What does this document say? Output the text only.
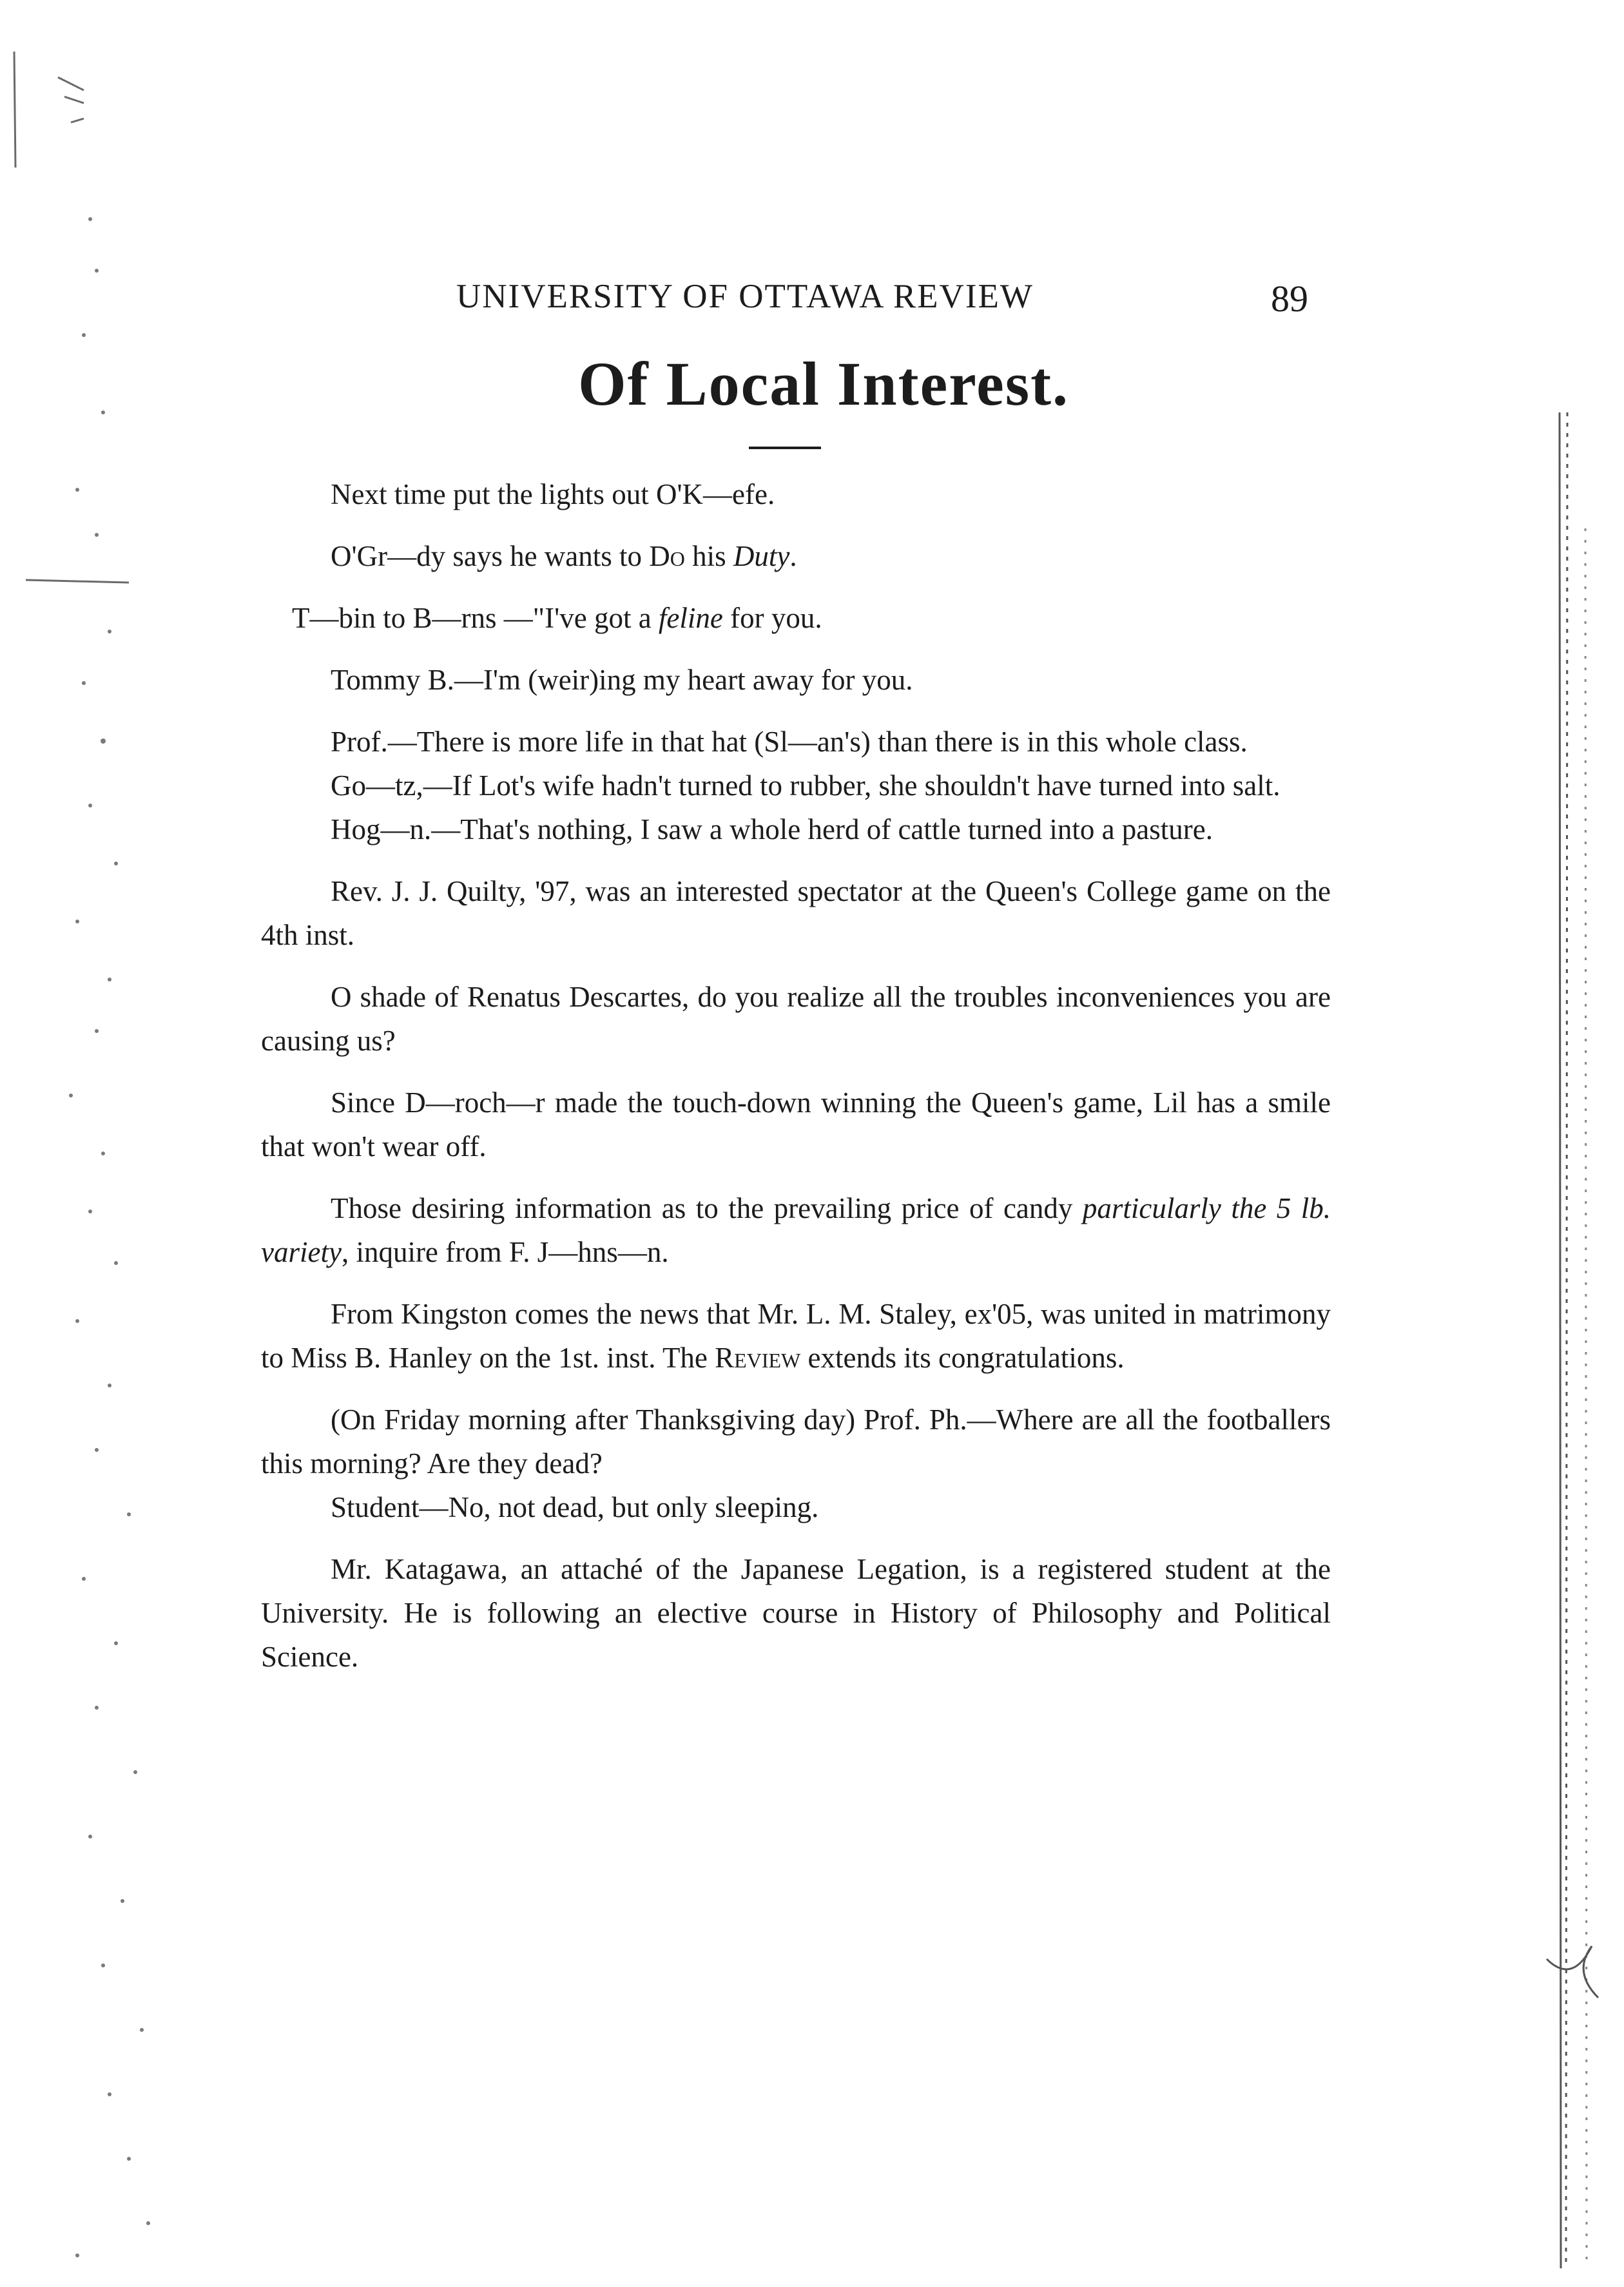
UNIVERSITY OF OTTAWA REVIEW	89
Of Local Interest.

Next time put the lights out O'K—efe.

O'Gr—dy says he wants to Do his Duty.

T—bin to B—rns —"I've got a feline for you.

Tommy B.—I'm (weir)ing my heart away for you.

Prof.—There is more life in that hat (Sl—an's) than there is in this whole class.

Go—tz,—If Lot's wife hadn't turned to rubber, she shouldn't have turned into salt.

Hog—n.—That's nothing, I saw a whole herd of cattle turned into a pasture.

Rev. J. J. Quilty, '97, was an interested spectator at the Queen's College game on the 4th inst.

O shade of Renatus Descartes, do you realize all the troubles inconveniences you are causing us?

Since D—roch—r made the touch-down winning the Queen's game, Lil has a smile that won't wear off.

Those desiring information as to the prevailing price of candy particularly the 5 lb. variety, inquire from F. J—hns—n.

From Kingston comes the news that Mr. L. M. Staley, ex'05, was united in matrimony to Miss B. Hanley on the 1st. inst. The Review extends its congratulations.

(On Friday morning after Thanksgiving day) Prof. Ph.—Where are all the footballers this morning? Are they dead?

Student—No, not dead, but only sleeping.

Mr. Katagawa, an attaché of the Japanese Legation, is a registered student at the University. He is following an elective course in History of Philosophy and Political Science.
